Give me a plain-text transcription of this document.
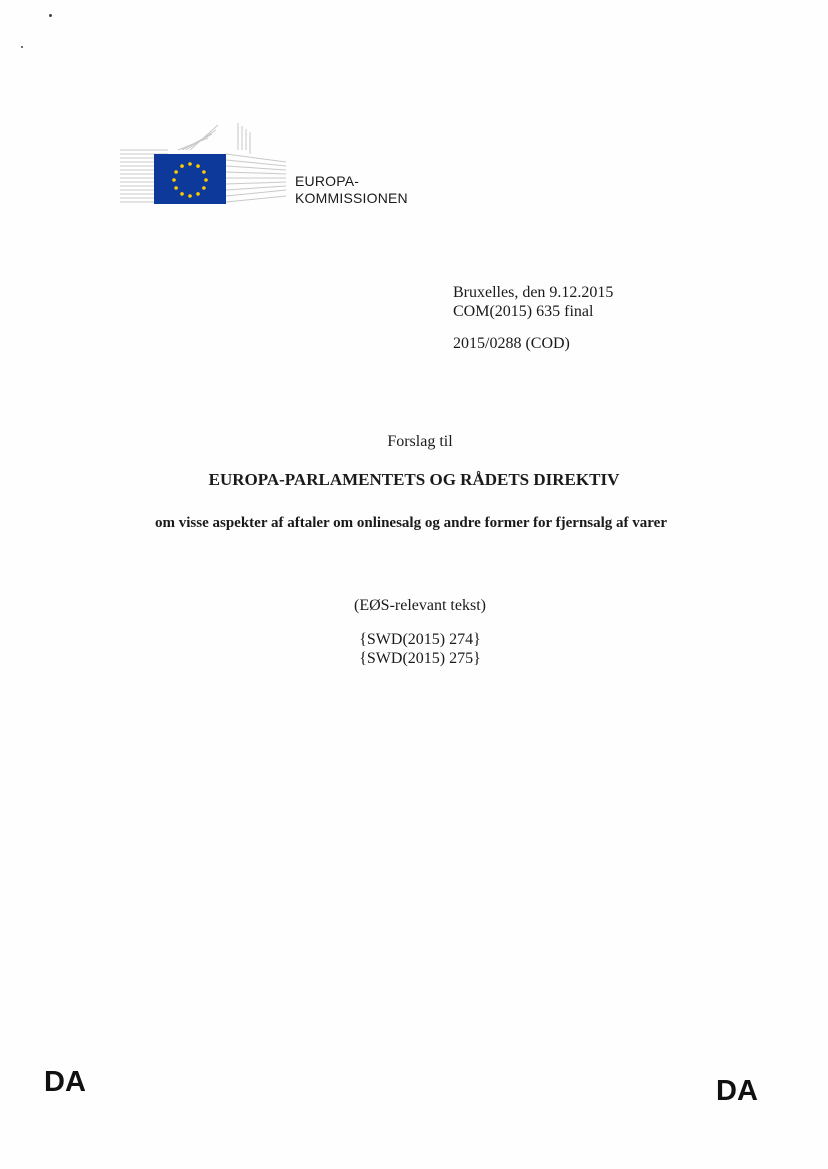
EUROPA-
KOMMISSIONEN
Bruxelles, den 9.12.2015
COM(2015) 635 final
2015/0288 (COD)
Forslag til
EUROPA-PARLAMENTETS OG RÅDETS DIREKTIV
om visse aspekter af aftaler om onlinesalg og andre former for fjernsalg af varer
(EØS-relevant tekst)
{SWD(2015) 274}
{SWD(2015) 275}
DA	DA
